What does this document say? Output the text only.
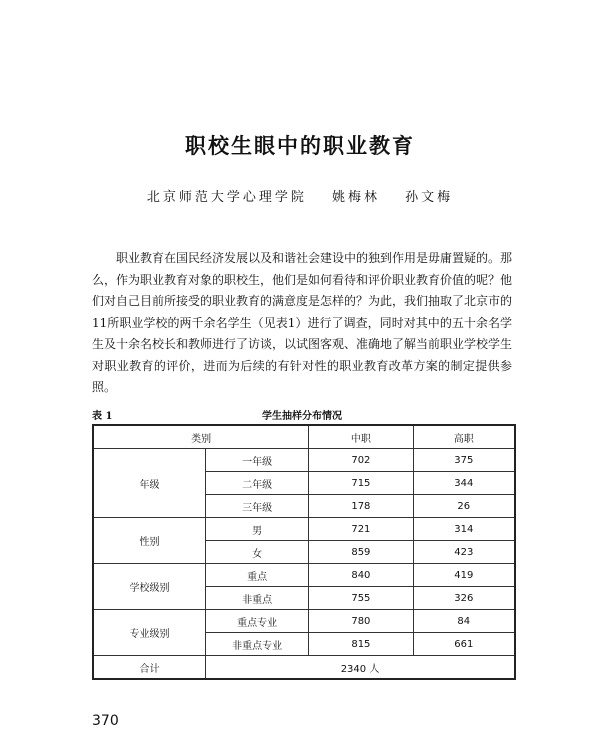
职校生眼中的职业教育
北京师范大学心理学院 姚梅林 孙文梅

职业教育在国民经济发展以及和谐社会建设中的独到作用是毋庸置疑的。那么，作为职业教育对象的职校生，他们是如何看待和评价职业教育价值的呢？他们对自己目前所接受的职业教育的满意度是怎样的？为此，我们抽取了北京市的11所职业学校的两千余名学生（见表1）进行了调查，同时对其中的五十余名学生及十余名校长和教师进行了访谈，以试图客观、准确地了解当前职业学校学生对职业教育的评价，进而为后续的有针对性的职业教育改革方案的制定提供参照。

表 1	学生抽样分布情况
类别		中职	高职
年级	一年级	702	375
	二年级	715	344
	三年级	178	26
性别	男	721	314
	女	859	423
学校级别	重点	840	419
	非重点	755	326
专业级别	重点专业	780	84
	非重点专业	815	661
合计	2340 人		
370
